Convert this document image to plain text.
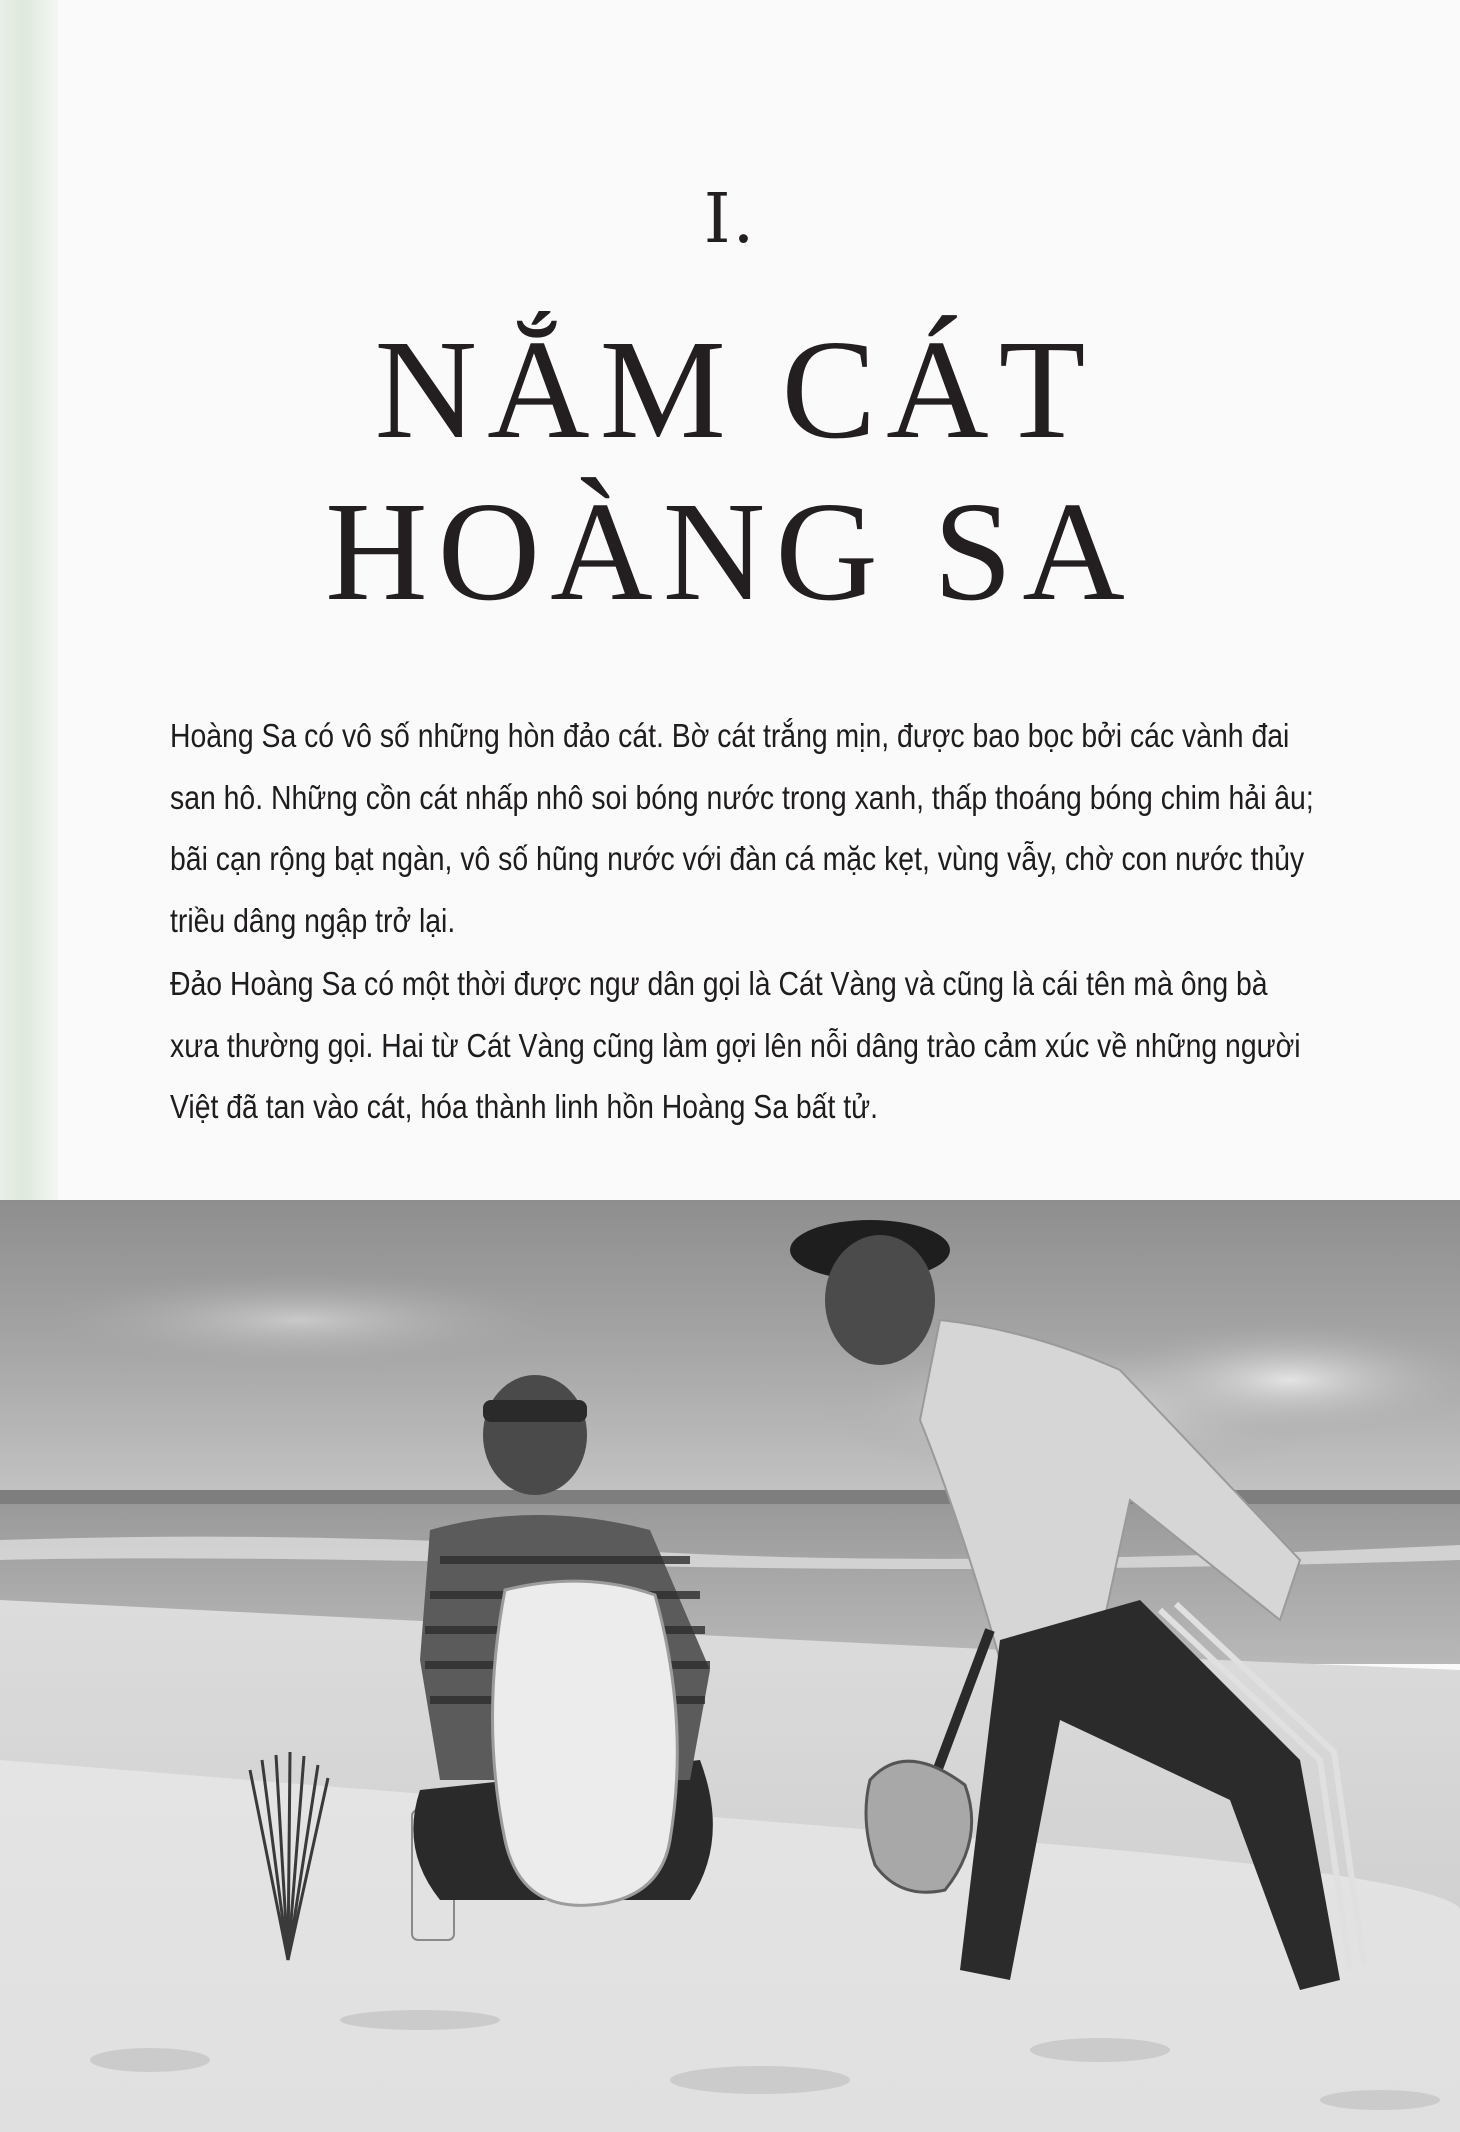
I.
NẮM CÁT
HOÀNG SA

Hoàng Sa có vô số những hòn đảo cát. Bờ cát trắng mịn, được bao bọc bởi các vành đai san hô. Những cồn cát nhấp nhô soi bóng nước trong xanh, thấp thoáng bóng chim hải âu; bãi cạn rộng bạt ngàn, vô số hũng nước với đàn cá mặc kẹt, vùng vẫy, chờ con nước thủy triều dâng ngập trở lại.

Đảo Hoàng Sa có một thời được ngư dân gọi là Cát Vàng và cũng là cái tên mà ông bà xưa thường gọi. Hai từ Cát Vàng cũng làm gợi lên nỗi dâng trào cảm xúc về những người Việt đã tan vào cát, hóa thành linh hồn Hoàng Sa bất tử.
